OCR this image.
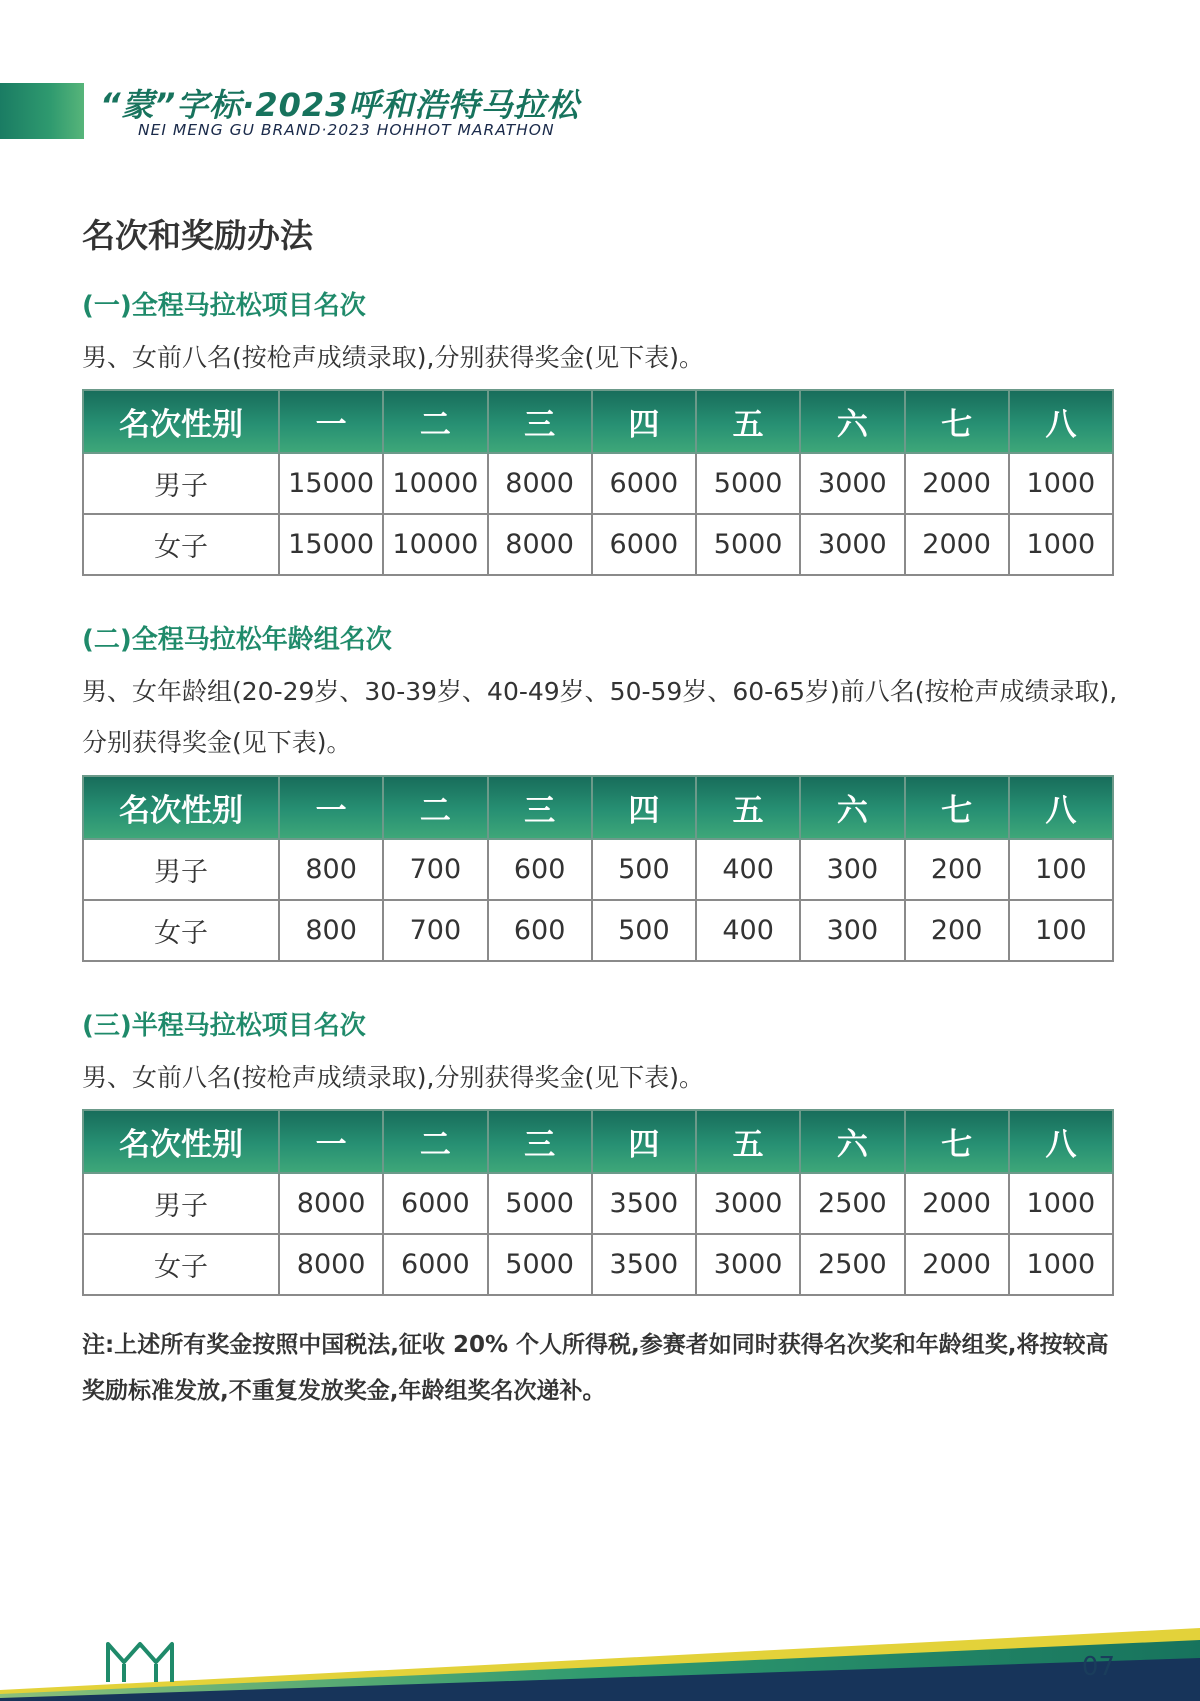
“蒙”字标·2023呼和浩特马拉松
NEI MENG GU BRAND·2023 HOHHOT MARATHON
名次和奖励办法
(一)全程马拉松项目名次
男、女前八名(按枪声成绩录取),分别获得奖金(见下表)。
名次性别	一	二	三	四	五	六	七	八
男子	15000	10000	8000	6000	5000	3000	2000	1000
女子	15000	10000	8000	6000	5000	3000	2000	1000
(二)全程马拉松年龄组名次
男、女年龄组(20-29岁、30-39岁、40-49岁、50-59岁、60-65岁)前八名(按枪声成绩录取),分别获得奖金(见下表)。
名次性别	一	二	三	四	五	六	七	八
男子	800	700	600	500	400	300	200	100
女子	800	700	600	500	400	300	200	100
(三)半程马拉松项目名次
男、女前八名(按枪声成绩录取),分别获得奖金(见下表)。
名次性别	一	二	三	四	五	六	七	八
男子	8000	6000	5000	3500	3000	2500	2000	1000
女子	8000	6000	5000	3500	3000	2500	2000	1000
注:上述所有奖金按照中国税法,征收 20% 个人所得税,参赛者如同时获得名次奖和年龄组奖,将按较高奖励标准发放,不重复发放奖金,年龄组奖名次递补。
07
